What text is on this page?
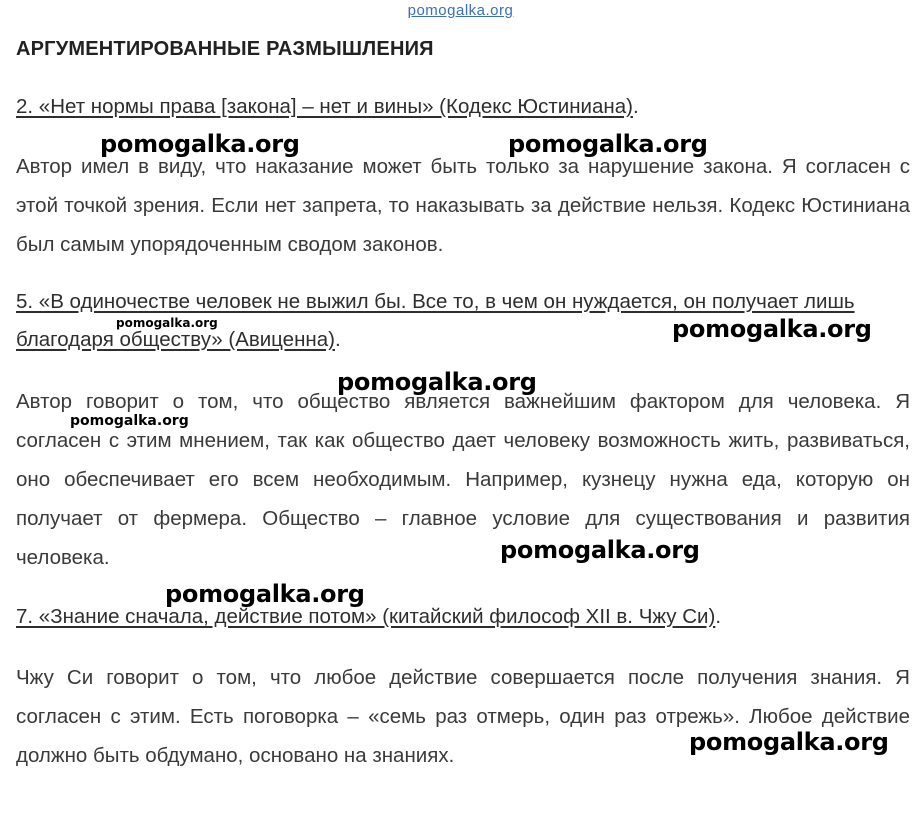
pomogalka.org
АРГУМЕНТИРОВАННЫЕ РАЗМЫШЛЕНИЯ
2. «Нет нормы права [закона] – нет и вины» (Кодекс Юстиниана).
Автор имел в виду, что наказание может быть только за нарушение закона. Я согласен с этой точкой зрения. Если нет запрета, то наказывать за действие нельзя. Кодекс Юстиниана был самым упорядоченным сводом законов.
5. «В одиночестве человек не выжил бы. Все то, в чем он нуждается, он получает лишь благодаря обществу» (Авиценна).
Автор говорит о том, что общество является важнейшим фактором для человека. Я согласен с этим мнением, так как общество дает человеку возможность жить, развиваться, оно обеспечивает его всем необходимым. Например, кузнецу нужна еда, которую он получает от фермера. Общество – главное условие для существования и развития человека.
7. «Знание сначала, действие потом» (китайский философ XII в. Чжу Си).
Чжу Си говорит о том, что любое действие совершается после получения знания. Я согласен с этим. Есть поговорка – «семь раз отмерь, один раз отрежь». Любое действие должно быть обдумано, основано на знаниях.
pomogalka.org	pomogalka.org
pomogalka.org	pomogalka.org
pomogalka.org
pomogalka.org
pomogalka.org
pomogalka.org
pomogalka.org
